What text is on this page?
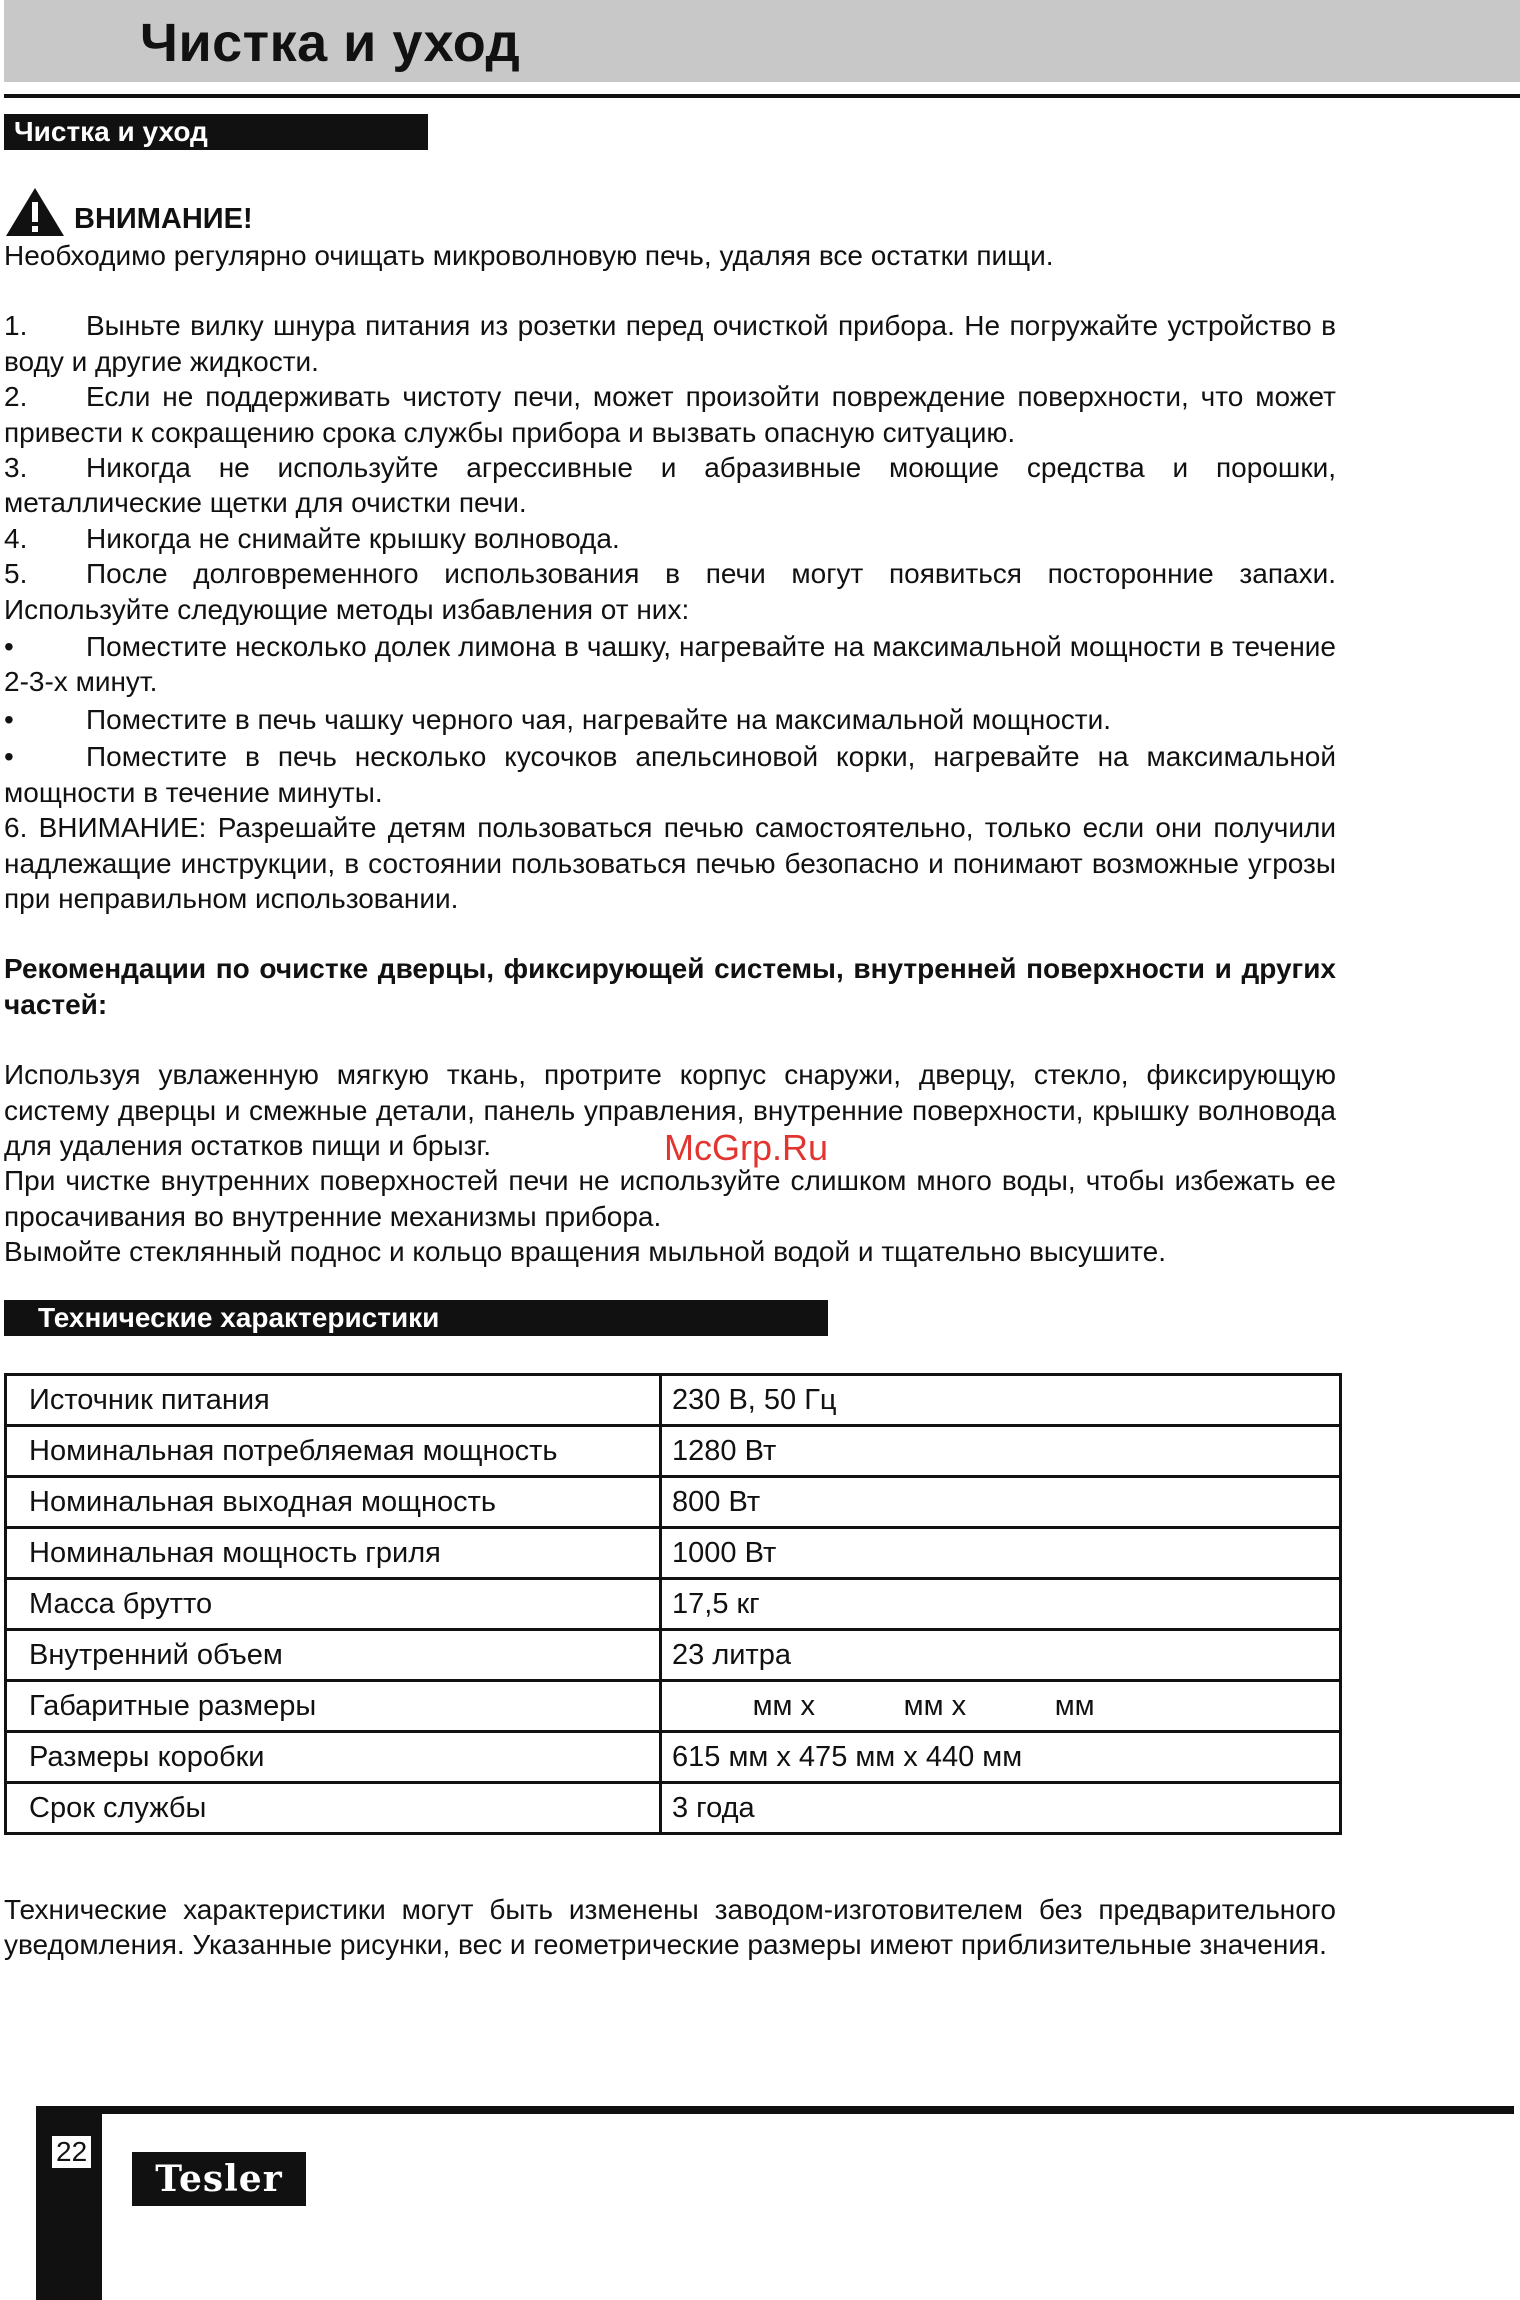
Чистка и уход
Чистка и уход
ВНИМАНИЕ!

Необходимо регулярно очищать микроволновую печь, удаляя все остатки пищи.

1. Выньте вилку шнура питания из розетки перед очисткой прибора. Не погружайте устройство в воду и другие жидкости.

2. Если не поддерживать чистоту печи, может произойти повреждение поверхности, что может привести к сокращению срока службы прибора и вызвать опасную ситуацию.

3. Никогда не используйте агрессивные и абразивные моющие средства и порошки, металлические щетки для очистки печи.

4. Никогда не снимайте крышку волновода.

5. После долговременного использования в печи могут появиться посторонние запахи. Используйте следующие методы избавления от них:

•	Поместите несколько долек лимона в чашку, нагревайте на максимальной мощности в течение 2-3-х минут.

•	Поместите в печь чашку черного чая, нагревайте на максимальной мощности.

•	Поместите в печь несколько кусочков апельсиновой корки, нагревайте на максимальной мощности в течение минуты.

6. ВНИМАНИЕ: Разрешайте детям пользоваться печью самостоятельно, только если они получили надлежащие инструкции, в состоянии пользоваться печью безопасно и понимают возможные угрозы при неправильном использовании.

Рекомендации по очистке дверцы, фиксирующей системы, внутренней поверхности и других частей:

Используя увлаженную мягкую ткань, протрите корпус снаружи, дверцу, стекло, фиксирующую систему дверцы и смежные детали, панель управления, внутренние поверхности, крышку волновода для удаления остатков пищи и брызг.

При чистке внутренних поверхностей печи не используйте слишком много воды, чтобы избежать ее просачивания во внутренние механизмы прибора.

Вымойте стеклянный поднос и кольцо вращения мыльной водой и тщательно высушите.

McGrp.Ru
Технические характеристики
Источник питания	230 В, 50 Гц
Номинальная потребляемая мощность	1280 Вт
Номинальная выходная мощность	800 Вт
Номинальная мощность гриля	1000 Вт
Масса брутто	17,5 кг
Внутренний объем	23 литра
Габаритные размеры	мм х           мм х           мм
Размеры коробки	615 мм х 475 мм х 440 мм
Срок службы	3 года

Технические характеристики могут быть изменены заводом-изготовителем без предварительного уведомления. Указанные рисунки, вес и геометрические размеры имеют приблизительные значения.

22
Tesler
